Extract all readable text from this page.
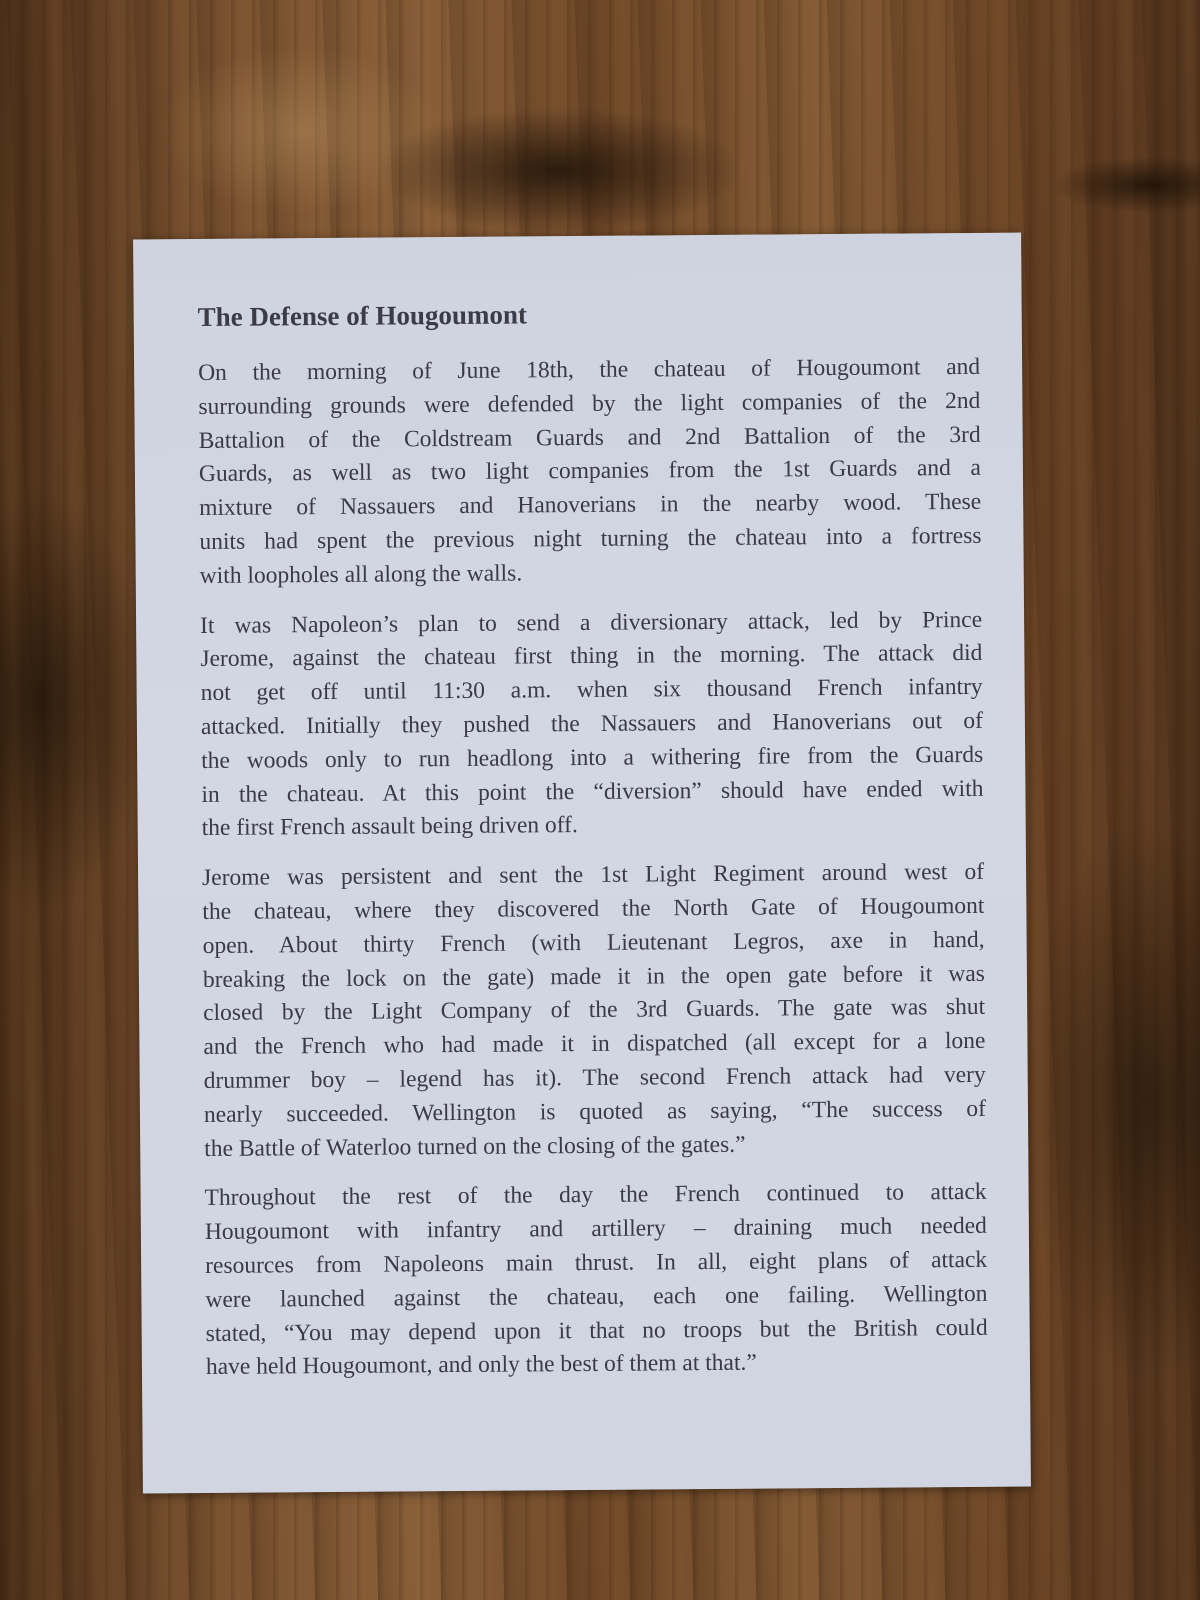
The Defense of Hougoumont
On the morning of June 18th, the chateau of Hougoumont and
surrounding grounds were defended by the light companies of the 2nd
Battalion of the Coldstream Guards and 2nd Battalion of the 3rd
Guards, as well as two light companies from the 1st Guards and a
mixture of Nassauers and Hanoverians in the nearby wood. These
units had spent the previous night turning the chateau into a fortress
with loopholes all along the walls.
It was Napoleon’s plan to send a diversionary attack, led by Prince
Jerome, against the chateau first thing in the morning. The attack did
not get off until 11:30 a.m. when six thousand French infantry
attacked. Initially they pushed the Nassauers and Hanoverians out of
the woods only to run headlong into a withering fire from the Guards
in the chateau. At this point the “diversion” should have ended with
the first French assault being driven off.
Jerome was persistent and sent the 1st Light Regiment around west of
the chateau, where they discovered the North Gate of Hougoumont
open. About thirty French (with Lieutenant Legros, axe in hand,
breaking the lock on the gate) made it in the open gate before it was
closed by the Light Company of the 3rd Guards. The gate was shut
and the French who had made it in dispatched (all except for a lone
drummer boy – legend has it). The second French attack had very
nearly succeeded. Wellington is quoted as saying, “The success of
the Battle of Waterloo turned on the closing of the gates.”
Throughout the rest of the day the French continued to attack
Hougoumont with infantry and artillery – draining much needed
resources from Napoleons main thrust. In all, eight plans of attack
were launched against the chateau, each one failing. Wellington
stated, “You may depend upon it that no troops but the British could
have held Hougoumont, and only the best of them at that.”
